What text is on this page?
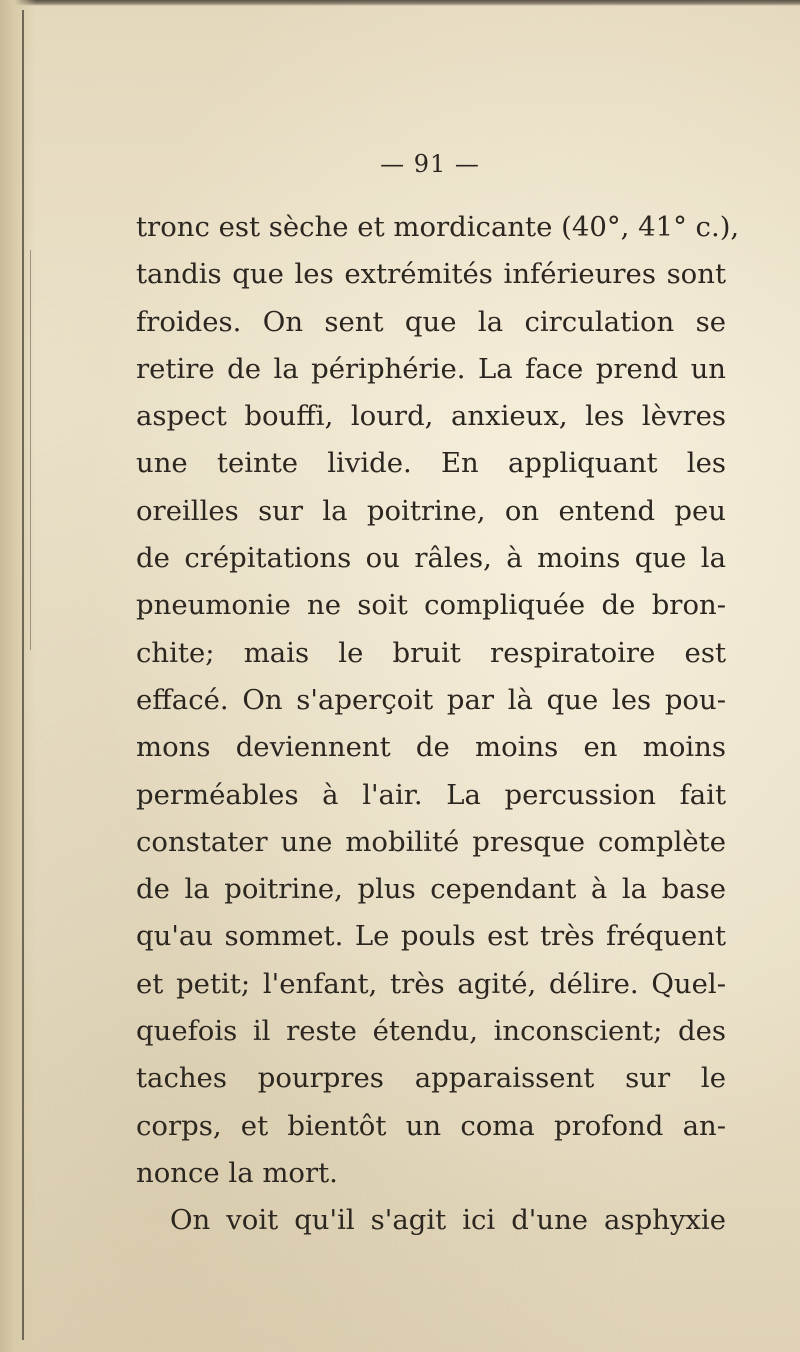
— 91 —
tronc est sèche et mordicante (40°, 41° c.),
tandis que les extrémités inférieures sont
froides. On sent que la circulation se
retire de la périphérie. La face prend un
aspect bouffi, lourd, anxieux, les lèvres
une teinte livide. En appliquant les
oreilles sur la poitrine, on entend peu
de crépitations ou râles, à moins que la
pneumonie ne soit compliquée de bron-
chite; mais le bruit respiratoire est
effacé. On s'aperçoit par là que les pou-
mons deviennent de moins en moins
perméables à l'air. La percussion fait
constater une mobilité presque complète
de la poitrine, plus cependant à la base
qu'au sommet. Le pouls est très fréquent
et petit; l'enfant, très agité, délire. Quel-
quefois il reste étendu, inconscient; des
taches pourpres apparaissent sur le
corps, et bientôt un coma profond an-
nonce la mort.
On voit qu'il s'agit ici d'une asphyxie
